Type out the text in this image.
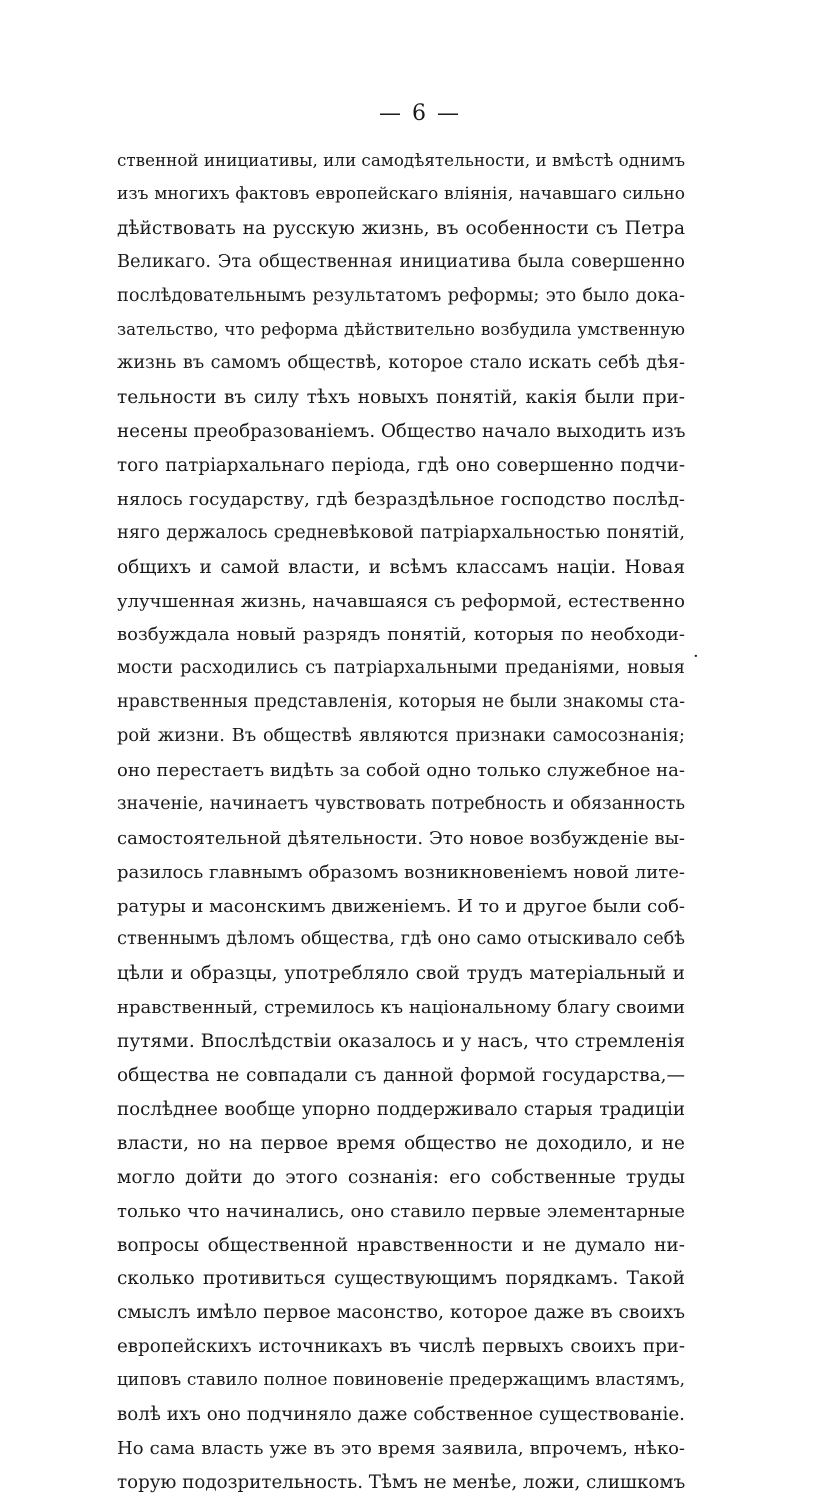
— 6 —
ственной инициативы, или самодѣятельности, и вмѣстѣ однимъ
изъ многихъ фактовъ европейскаго вліянія, начавшаго сильно
дѣйствовать на русскую жизнь, въ особенности съ Петра
Великаго. Эта общественная инициатива была совершенно
послѣдовательнымъ результатомъ реформы; это было дока-
зательство, что реформа дѣйствительно возбудила умственную
жизнь въ самомъ обществѣ, которое стало искать себѣ дѣя-
тельности въ силу тѣхъ новыхъ понятій, какія были при-
несены преобразованіемъ. Общество начало выходить изъ
того патріархальнаго періода, гдѣ оно совершенно подчи-
нялось государству, гдѣ безраздѣльное господство послѣд-
няго держалось средневѣковой патріархальностью понятій,
общихъ и самой власти, и всѣмъ классамъ націи. Новая
улучшенная жизнь, начавшаяся съ реформой, естественно
возбуждала новый разрядъ понятій, которыя по необходи-
мости расходились съ патріархальными преданіями, новыя
нравственныя представленія, которыя не были знакомы ста-
рой жизни. Въ обществѣ являются признаки самосознанія;
оно перестаетъ видѣть за собой одно только служебное на-
значеніе, начинаетъ чувствовать потребность и обязанность
самостоятельной дѣятельности. Это новое возбужденіе вы-
разилось главнымъ образомъ возникновеніемъ новой лите-
ратуры и масонскимъ движеніемъ. И то и другое были соб-
ственнымъ дѣломъ общества, гдѣ оно само отыскивало себѣ
цѣли и образцы, употребляло свой трудъ матеріальный и
нравственный, стремилось къ національному благу своими
путями. Впослѣдствіи оказалось и у насъ, что стремленія
общества не совпадали съ данной формой государства,—
послѣднее вообще упорно поддерживало старыя традиціи
власти, но на первое время общество не доходило, и не
могло дойти до этого сознанія: его собственные труды
только что начинались, оно ставило первые элементарные
вопросы общественной нравственности и не думало ни-
сколько противиться существующимъ порядкамъ. Такой
смыслъ имѣло первое масонство, которое даже въ своихъ
европейскихъ источникахъ въ числѣ первыхъ своихъ при-
циповъ ставило полное повиновеніе предержащимъ властямъ,
волѣ ихъ оно подчиняло даже собственное существованіе.
Но сама власть уже въ это время заявила, впрочемъ, нѣко-
торую подозрительность. Тѣмъ не менѣе, ложи, слишкомъ
·
